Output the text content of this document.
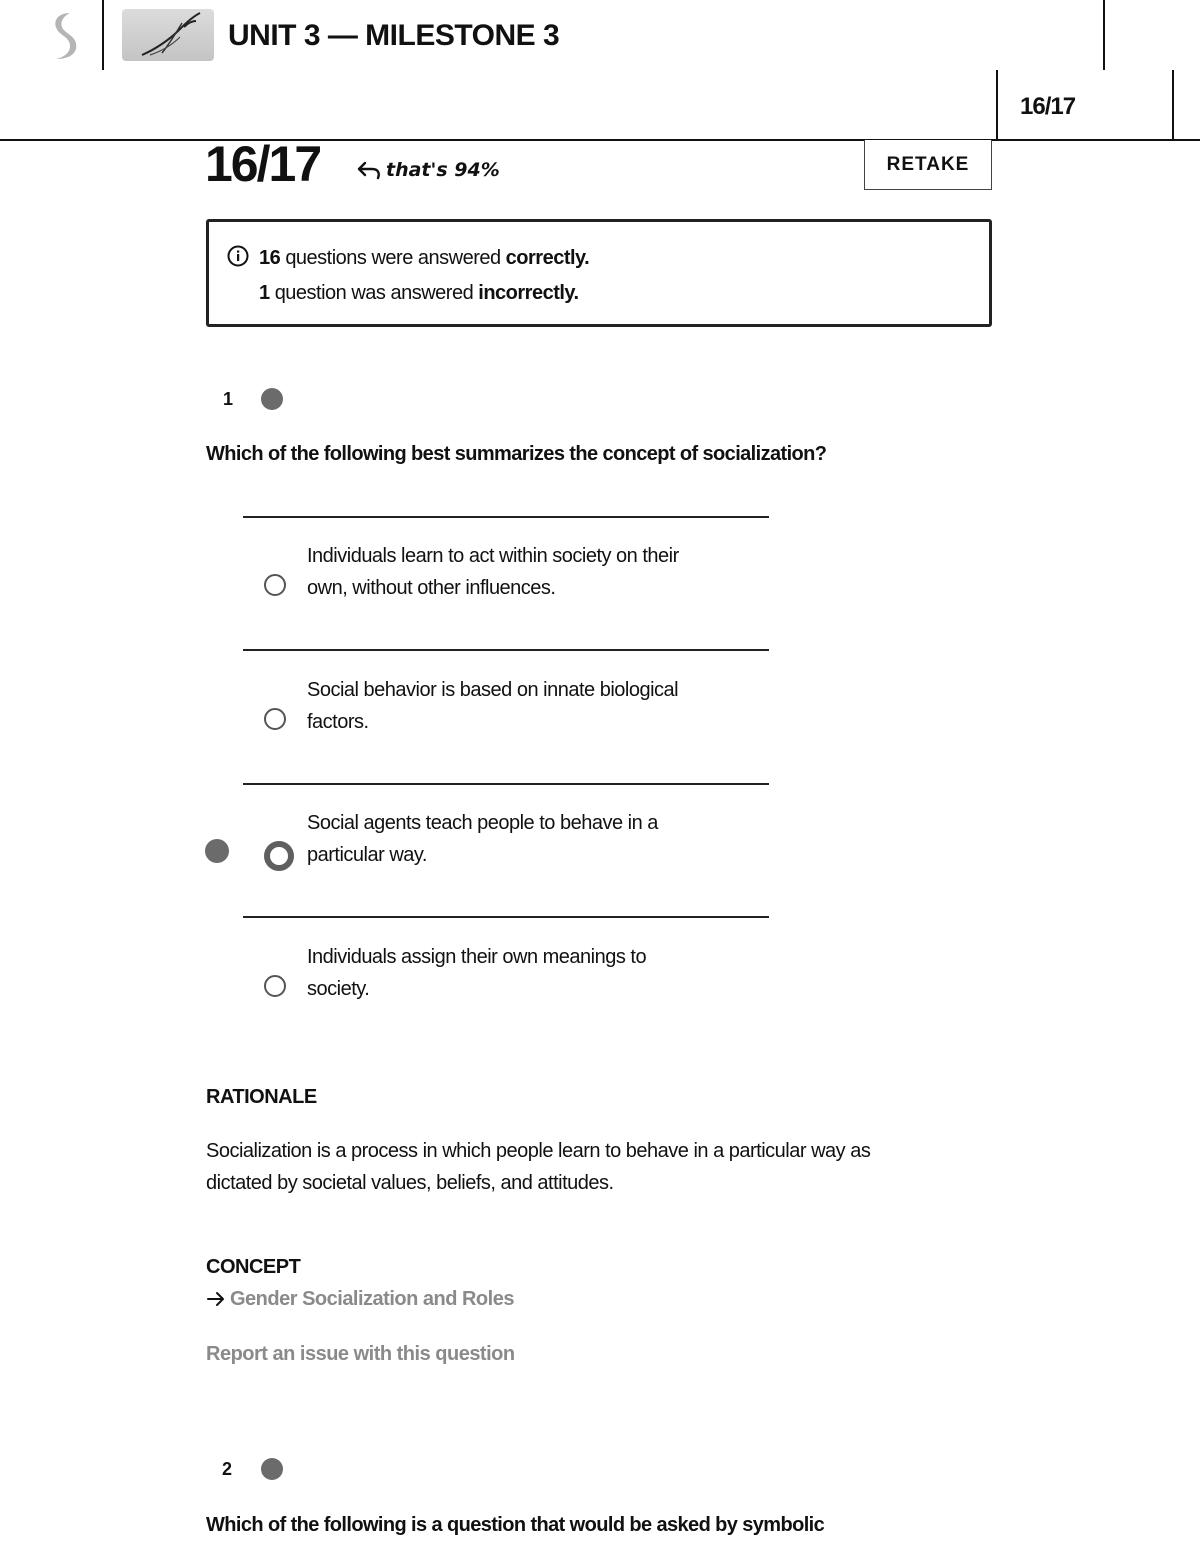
UNIT 3 — MILESTONE 3
16/17
16/17	that's 94%	RETAKE
16 questions were answered correctly.
1 question was answered incorrectly.
1
Which of the following best summarizes the concept of socialization?
Individuals learn to act within society on their
own, without other influences.
Social behavior is based on innate biological
factors.
Social agents teach people to behave in a
particular way.
Individuals assign their own meanings to
society.
RATIONALE
Socialization is a process in which people learn to behave in a particular way as
dictated by societal values, beliefs, and attitudes.
CONCEPT
Gender Socialization and Roles
Report an issue with this question
2
Which of the following is a question that would be asked by symbolic
